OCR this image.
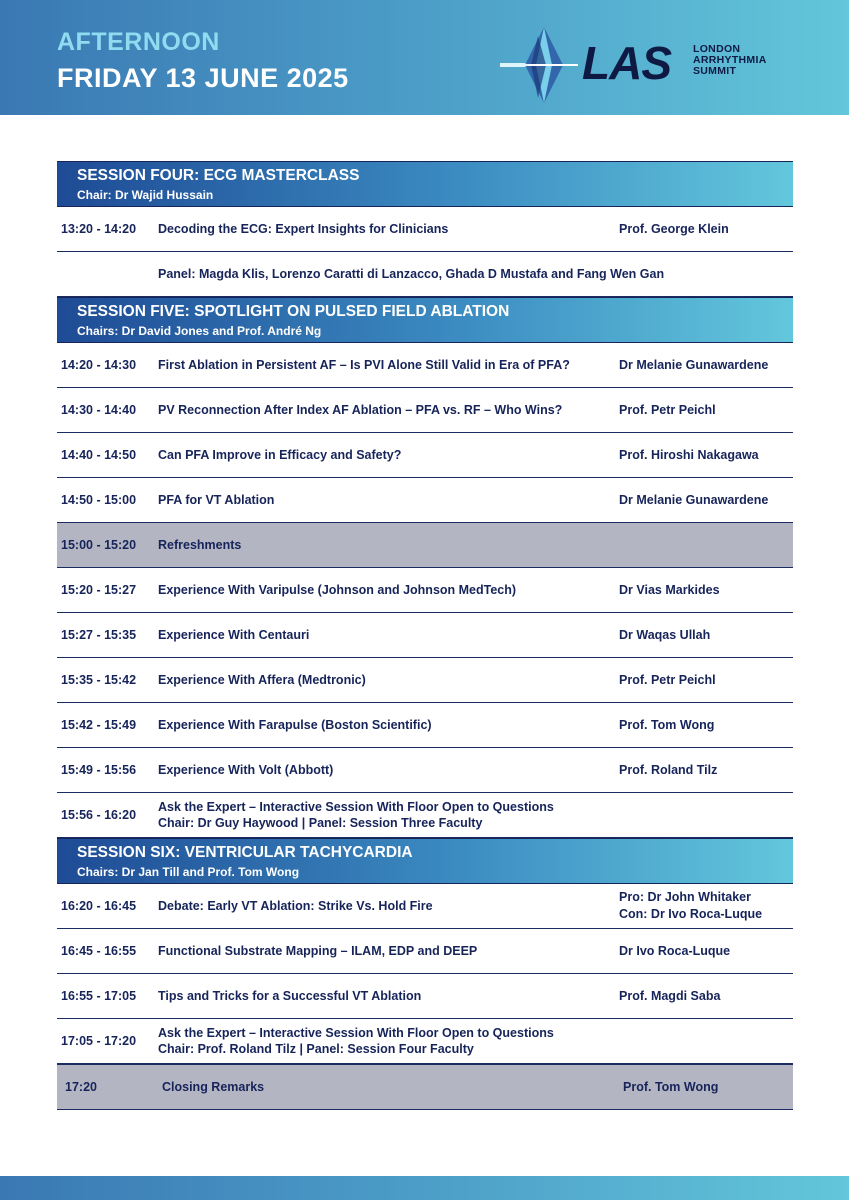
AFTERNOON
FRIDAY 13 JUNE 2025	LAS LONDON
ARRHYTHMIA
SUMMIT
SESSION FOUR: ECG MASTERCLASS
Chair: Dr Wajid Hussain
13:20 - 14:20 Decoding the ECG: Expert Insights for Clinicians	Prof. George Klein
Panel: Magda Klis, Lorenzo Caratti di Lanzacco, Ghada D Mustafa and Fang Wen Gan
SESSION FIVE: SPOTLIGHT ON PULSED FIELD ABLATION
Chairs: Dr David Jones and Prof. André Ng
14:20 - 14:30 First Ablation in Persistent AF – Is PVI Alone Still Valid in Era of PFA?	Dr Melanie Gunawardene
14:30 - 14:40 PV Reconnection After Index AF Ablation – PFA vs. RF – Who Wins?	Prof. Petr Peichl
14:40 - 14:50 Can PFA Improve in Efficacy and Safety?	Prof. Hiroshi Nakagawa
14:50 - 15:00 PFA for VT Ablation	Dr Melanie Gunawardene
15:00 - 15:20 Refreshments
15:20 - 15:27 Experience With Varipulse (Johnson and Johnson MedTech)	Dr Vias Markides
15:27 - 15:35 Experience With Centauri	Dr Waqas Ullah
15:35 - 15:42 Experience With Affera (Medtronic)	Prof. Petr Peichl
15:42 - 15:49 Experience With Farapulse (Boston Scientific)	Prof. Tom Wong
15:49 - 15:56 Experience With Volt (Abbott)	Prof. Roland Tilz
15:56 - 16:20
Ask the Expert – Interactive Session With Floor Open to Questions
Chair: Dr Guy Haywood | Panel: Session Three Faculty
SESSION SIX: VENTRICULAR TACHYCARDIA
Chairs: Dr Jan Till and Prof. Tom Wong
16:20 - 16:45 Debate: Early VT Ablation: Strike Vs. Hold Fire
Pro: Dr John Whitaker
Con: Dr Ivo Roca-Luque
16:45 - 16:55 Functional Substrate Mapping – ILAM, EDP and DEEP	Dr Ivo Roca-Luque
16:55 - 17:05 Tips and Tricks for a Successful VT Ablation	Prof. Magdi Saba
17:05 - 17:20
Ask the Expert – Interactive Session With Floor Open to Questions
Chair: Prof. Roland Tilz | Panel: Session Four Faculty
17:20	Closing Remarks	Prof. Tom Wong
